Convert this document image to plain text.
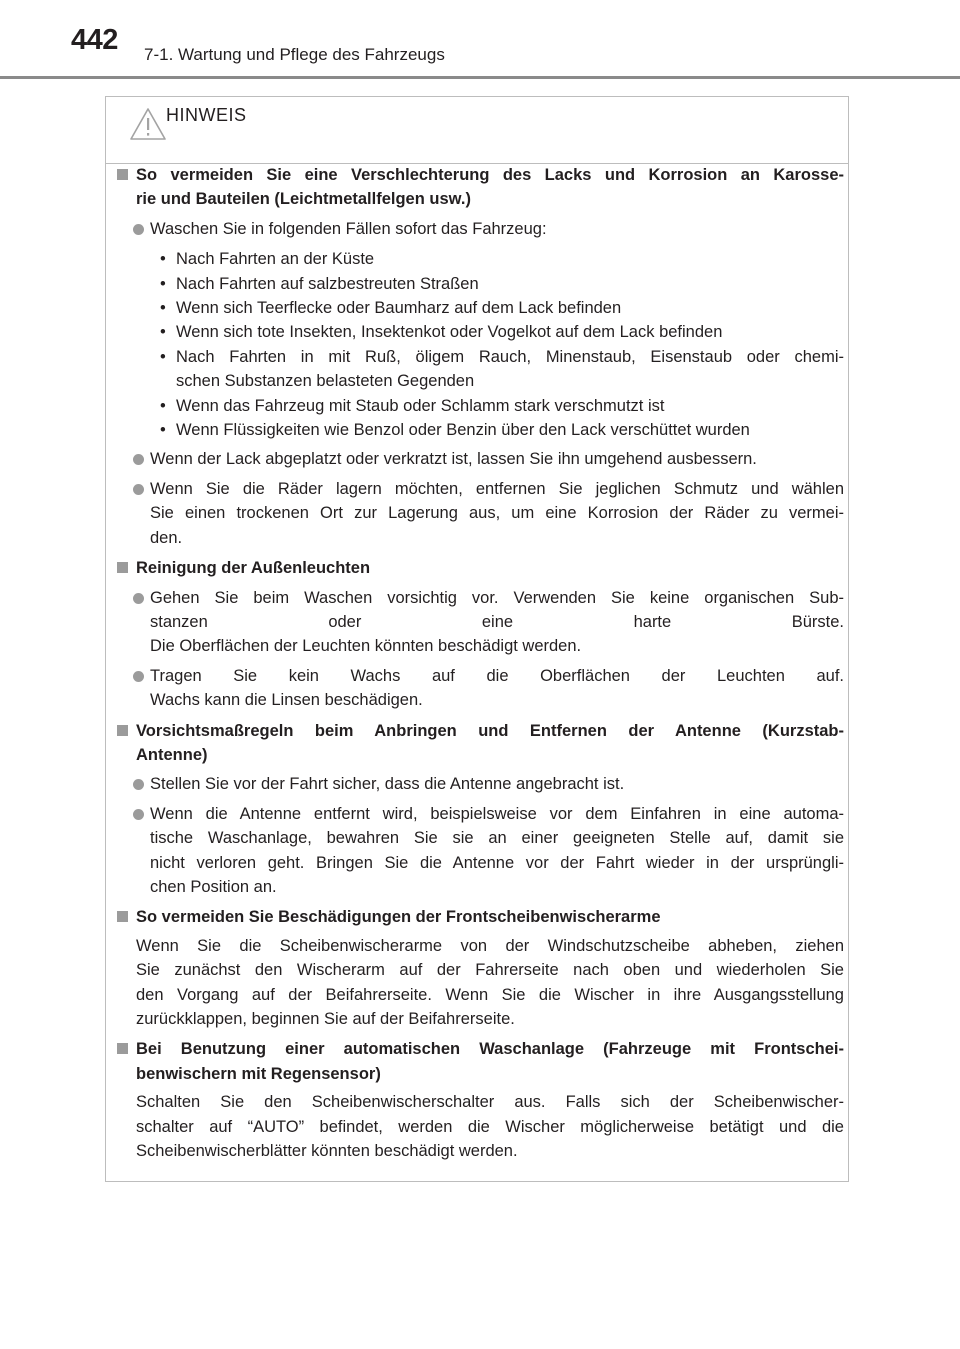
442 7-1. Wartung und Pflege des Fahrzeugs
HINWEIS
So vermeiden Sie eine Verschlechterung des Lacks und Korrosion an Karosse-
rie und Bauteilen (Leichtmetallfelgen usw.)
Waschen Sie in folgenden Fällen sofort das Fahrzeug:
• Nach Fahrten an der Küste
• Nach Fahrten auf salzbestreuten Straßen
• Wenn sich Teerflecke oder Baumharz auf dem Lack befinden
• Wenn sich tote Insekten, Insektenkot oder Vogelkot auf dem Lack befinden
• Nach Fahrten in mit Ruß, öligem Rauch, Minenstaub, Eisenstaub oder chemi-
schen Substanzen belasteten Gegenden
• Wenn das Fahrzeug mit Staub oder Schlamm stark verschmutzt ist
• Wenn Flüssigkeiten wie Benzol oder Benzin über den Lack verschüttet wurden
Wenn der Lack abgeplatzt oder verkratzt ist, lassen Sie ihn umgehend ausbessern.
Wenn Sie die Räder lagern möchten, entfernen Sie jeglichen Schmutz und wählen
Sie einen trockenen Ort zur Lagerung aus, um eine Korrosion der Räder zu vermei-
den.
Reinigung der Außenleuchten
Gehen Sie beim Waschen vorsichtig vor. Verwenden Sie keine organischen Sub-
stanzen oder eine harte Bürste.
Die Oberflächen der Leuchten könnten beschädigt werden.
Tragen Sie kein Wachs auf die Oberflächen der Leuchten auf.
Wachs kann die Linsen beschädigen.
Vorsichtsmaßregeln beim Anbringen und Entfernen der Antenne (Kurzstab-
Antenne)
Stellen Sie vor der Fahrt sicher, dass die Antenne angebracht ist.
Wenn die Antenne entfernt wird, beispielsweise vor dem Einfahren in eine automa-
tische Waschanlage, bewahren Sie sie an einer geeigneten Stelle auf, damit sie
nicht verloren geht. Bringen Sie die Antenne vor der Fahrt wieder in der ursprüngli-
chen Position an.
So vermeiden Sie Beschädigungen der Frontscheibenwischerarme
Wenn Sie die Scheibenwischerarme von der Windschutzscheibe abheben, ziehen
Sie zunächst den Wischerarm auf der Fahrerseite nach oben und wiederholen Sie
den Vorgang auf der Beifahrerseite. Wenn Sie die Wischer in ihre Ausgangsstellung
zurückklappen, beginnen Sie auf der Beifahrerseite.
Bei Benutzung einer automatischen Waschanlage (Fahrzeuge mit Frontschei-
benwischern mit Regensensor)
Schalten Sie den Scheibenwischerschalter aus. Falls sich der Scheibenwischer-
schalter auf “AUTO” befindet, werden die Wischer möglicherweise betätigt und die
Scheibenwischerblätter könnten beschädigt werden.
